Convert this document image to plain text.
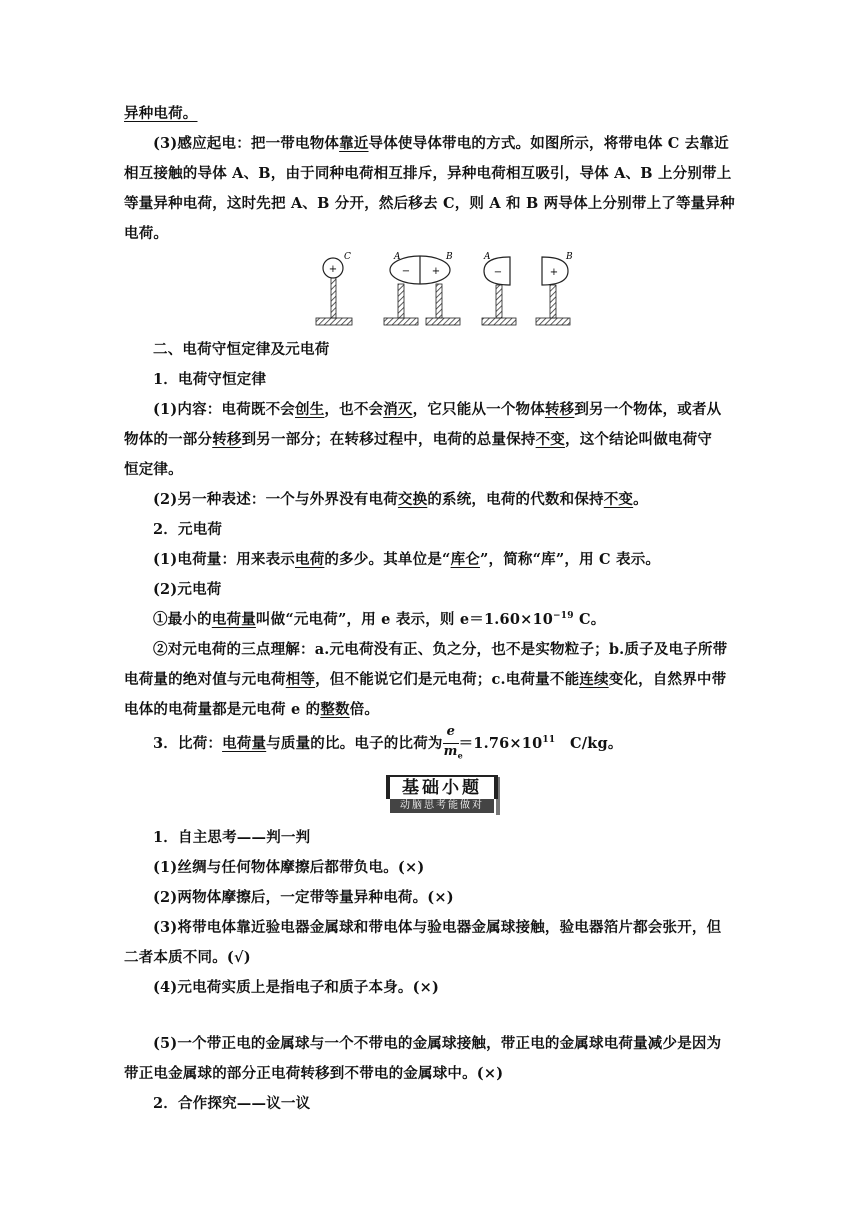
异种电荷。
(3)感应起电：把一带电物体靠近导体使导体带电的方式。如图所示，将带电体 C 去靠近
相互接触的导体 A、B，由于同种电荷相互排斥，异种电荷相互吸引，导体 A、B 上分别带上
等量异种电荷，这时先把 A、B 分开，然后移去 C，则 A 和 B 两导体上分别带上了等量异种
电荷。
+
C
− +
A	B
−
A
+
B
二、电荷守恒定律及元电荷
1．电荷守恒定律
(1)内容：电荷既不会创生，也不会消灭，它只能从一个物体转移到另一个物体，或者从
物体的一部分转移到另一部分；在转移过程中，电荷的总量保持不变，这个结论叫做电荷守
恒定律。
(2)另一种表述：一个与外界没有电荷交换的系统，电荷的代数和保持不变。
2．元电荷
(1)电荷量：用来表示电荷的多少。其单位是“库仑”，简称“库”，用 C 表示。
(2)元电荷
①最小的电荷量叫做“元电荷”，用 e 表示，则 $e=1.60\times 10^{-19}$ C。
②对元电荷的三点理解：a.元电荷没有正、负之分，也不是实物粒子；b.质子及电子所带
电荷量的绝对值与元电荷相等，但不能说它们是元电荷；c.电荷量不能连续变化，自然界中带
电体的电荷量都是元电荷 e 的整数倍。
3．比荷：电荷量与质量的比。电子的比荷为 $\frac{e}{m_e} =1.76\times 10^{11}$　C/kg。
基础小题
动脑思考能做对
1．自主思考——判一判
(1)丝绸与任何物体摩擦后都带负电。(×)
(2)两物体摩擦后，一定带等量异种电荷。(×)
(3)将带电体靠近验电器金属球和带电体与验电器金属球接触，验电器箔片都会张开，但
二者本质不同。(√)
(4)元电荷实质上是指电子和质子本身。(×)
(5)一个带正电的金属球与一个不带电的金属球接触，带正电的金属球电荷量减少是因为
带正电金属球的部分正电荷转移到不带电的金属球中。(×)
2．合作探究——议一议
